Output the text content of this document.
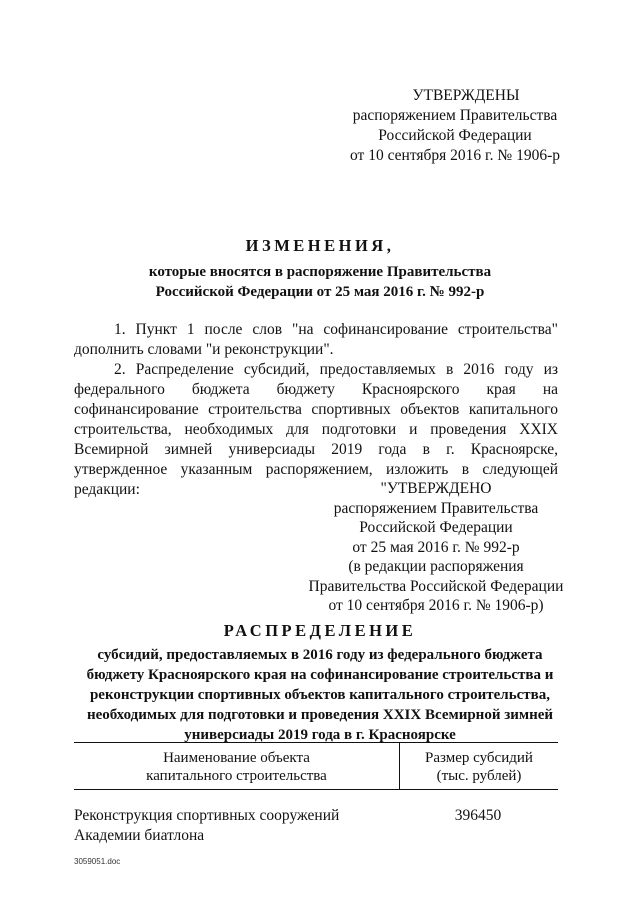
УТВЕРЖДЕНЫ
распоряжением Правительства
Российской Федерации
от 10 сентября 2016 г. № 1906-р
ИЗМЕНЕНИЯ,
которые вносятся в распоряжение Правительства
Российской Федерации от 25 мая 2016 г. № 992-р

1. Пункт 1 после слов "на софинансирование строительства" дополнить словами "и реконструкции".

2. Распределение субсидий, предоставляемых в 2016 году из федерального бюджета бюджету Красноярского края на софинансирование строительства спортивных объектов капитального строительства, необходимых для подготовки и проведения XXIX Всемирной зимней универсиады 2019 года в г. Красноярске, утвержденное указанным распоряжением, изложить в следующей редакции:	"УТВЕРЖДЕНО
распоряжением Правительства
Российской Федерации
от 25 мая 2016 г. № 992-р
(в редакции распоряжения
Правительства Российской Федерации
от 10 сентября 2016 г. № 1906-р)
РАСПРЕДЕЛЕНИЕ
субсидий, предоставляемых в 2016 году из федерального бюджета
бюджету Красноярского края на софинансирование строительства и
реконструкции спортивных объектов капитального строительства,
необходимых для подготовки и проведения XXIX Всемирной зимней
универсиады 2019 года в г. Красноярске
Наименование объекта
капитального строительства
Размер субсидий
(тыс. рублей)
Реконструкция спортивных сооружений
Академии биатлона
396450
3059051.doc
